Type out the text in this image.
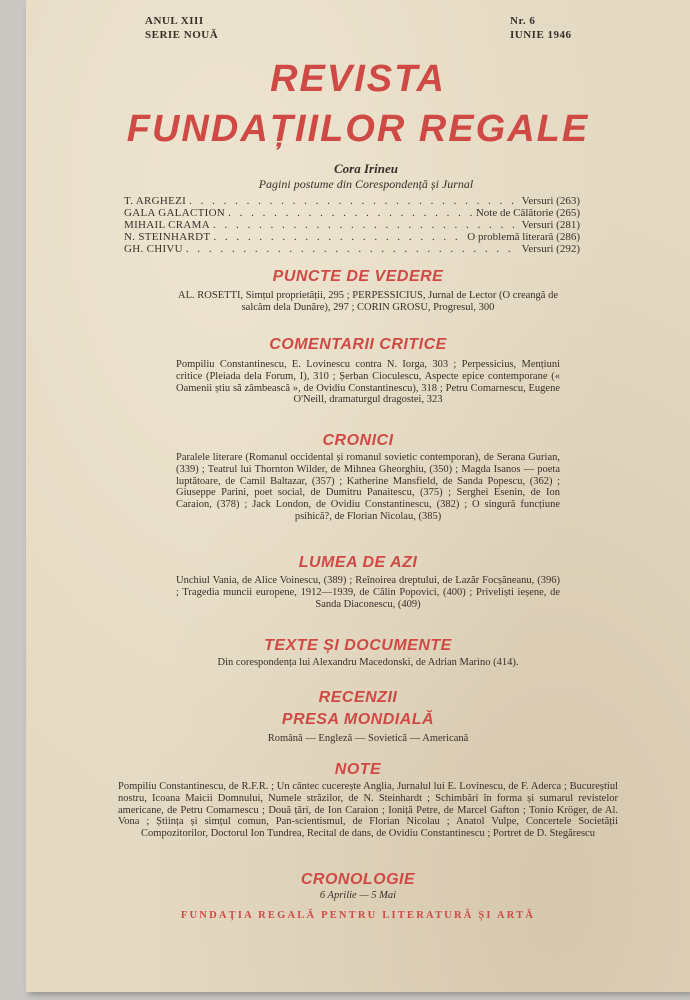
ANUL XIII
SERIE NOUĂ
Nr. 6
IUNIE 1946
REVISTA
FUNDAȚIILOR REGALE
Cora Irineu
Pagini postume din Corespondență și Jurnal
T. ARGHEZI . . .	Versuri (263)
GALA GALACTION . . .	Note de Călătorie (265)
MIHAIL CRAMA . . .	Versuri (281)
N. STEINHARDT . . .	O problemă literară (286)
GH. CHIVU . . .	Versuri (292)
PUNCTE DE VEDERE
AL. ROSETTI, Simțul proprietății, 295 ; PERPESSICIUS, Jurnal de Lector (O creangă de salcâm dela Dunăre), 297 ; CORIN GROSU, Progresul, 300
COMENTARII CRITICE
Pompiliu Constantinescu, E. Lovinescu contra N. Iorga, 303 ; Perpessicius, Mențiuni critice (Pleiada dela Forum, I), 310 ; Șerban Cioculescu, Aspecte epice contemporane (« Oamenii știu să zâmbească », de Ovidiu Constantinescu), 318 ; Petru Comarnescu, Eugene O'Neill, dramaturgul dragostei, 323
CRONICI
Paralele literare (Romanul occidental și romanul sovietic contemporan), de Serana Gurian, (339) ; Teatrul lui Thornton Wilder, de Mihnea Gheorghiu, (350) ; Magda Isanos — poeta luptătoare, de Camil Baltazar, (357) ; Katherine Mansfield, de Sanda Popescu, (362) ; Giuseppe Parini, poet social, de Dumitru Panaitescu, (375) ; Serghei Esenin, de Ion Caraion, (378) ; Jack London, de Ovidiu Constantinescu, (382) ; O singură funcțiune psihică?, de Florian Nicolau, (385)
LUMEA DE AZI
Unchiul Vania, de Alice Voinescu, (389) ; Reînoirea dreptului, de Lazăr Focșăneanu, (396) ; Tragedia muncii europene, 1912—1939, de Călin Popovici, (400) ; Priveliști ieșene, de Sanda Diaconescu, (409)
TEXTE ȘI DOCUMENTE
Din corespondența lui Alexandru Macedonski, de Adrian Marino (414).
RECENZII
PRESA MONDIALĂ
Română — Engleză — Sovietică — Americană
NOTE
Pompiliu Constantinescu, de R.F.R. ; Un cântec cucerește Anglia, Jurnalul lui E. Lovinescu, de F. Aderca ; Bucureștiul nostru, Icoana Maicii Domnului, Numele străzilor, de N. Steinhardt ; Schimbări în forma și sumarul revistelor americane, de Petru Comarnescu ; Două țări, de Ion Caraion ; Ioniță Petre, de Marcel Gafton ; Tonio Kröger, de Al. Vona ; Știința și simțul comun, Pan-scientismul, de Florian Nicolau ; Anatol Vulpe, Concertele Societății Compozitorilor, Doctorul Ion Tundrea, Recital de dans, de Ovidiu Constantinescu ; Portret de D. Stegărescu
CRONOLOGIE
6 Aprilie — 5 Mai
FUNDAȚIA REGALĂ PENTRU LITERATURĂ ȘI ARTĂ
